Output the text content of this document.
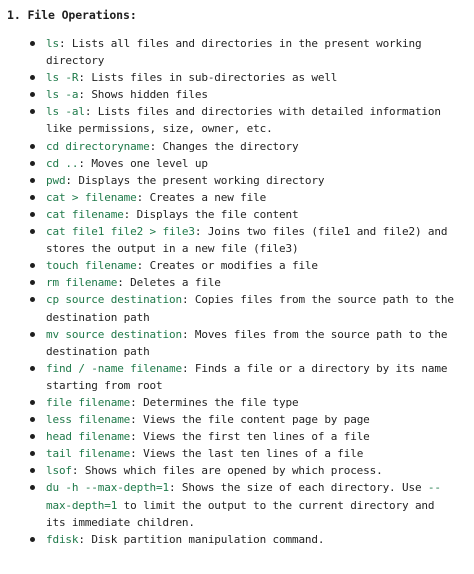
1. File Operations:
ls: Lists all files and directories in the present working directory
ls -R: Lists files in sub-directories as well
ls -a: Shows hidden files
ls -al: Lists files and directories with detailed information like permissions, size, owner, etc.
cd directoryname: Changes the directory
cd ..: Moves one level up
pwd: Displays the present working directory
cat > filename: Creates a new file
cat filename: Displays the file content
cat file1 file2 > file3: Joins two files (file1 and file2) and stores the output in a new file (file3)
touch filename: Creates or modifies a file
rm filename: Deletes a file
cp source destination: Copies files from the source path to the destination path
mv source destination: Moves files from the source path to the destination path
find / -name filename: Finds a file or a directory by its name starting from root
file filename: Determines the file type
less filename: Views the file content page by page
head filename: Views the first ten lines of a file
tail filename: Views the last ten lines of a file
lsof: Shows which files are opened by which process.
du -h --max-depth=1: Shows the size of each directory. Use --max-depth=1 to limit the output to the current directory and its immediate children.
fdisk: Disk partition manipulation command.
